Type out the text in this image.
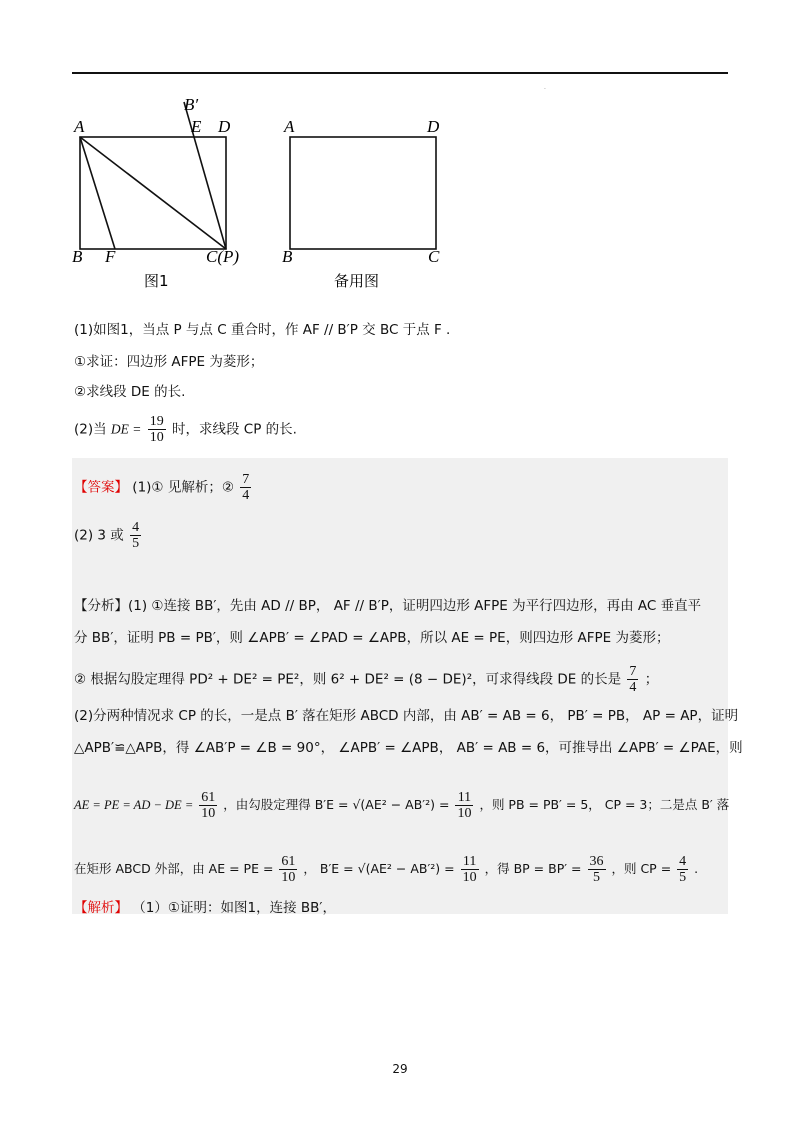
·
A	E D
B′
B F	C(P)
图1
A	D
B	C
备用图
(1)如图1，当点 P 与点 C 重合时，作 AF // B′P 交 BC 于点 F .
①求证：四边形 AFPE 为菱形；
②求线段 DE 的长.
(2)当 DE = $\frac{19}{10}$ 时，求线段 CP 的长.
【答案】 (1)① 见解析；② $\frac{7}{4}$
(2) 3 或 $\frac{4}{5}$
【分析】(1) ①连接 BB′，先由 AD // BP， AF // B′P，证明四边形 AFPE 为平行四边形，再由 AC 垂直平
分 BB′，证明 PB = PB′，则 ∠APB′ = ∠PAD = ∠APB，所以 AE = PE，则四边形 AFPE 为菱形；
② 根据勾股定理得 PD² + DE² = PE²，则 6² + DE² = (8 − DE)²，可求得线段 DE 的长是 $\frac{7}{4}$ ；
(2)分两种情况求 CP 的长，一是点 B′ 落在矩形 ABCD 内部，由 AB′ = AB = 6， PB′ = PB， AP = AP，证明
△APB′≌△APB，得 ∠AB′P = ∠B = 90°， ∠APB′ = ∠APB， AB′ = AB = 6，可推导出 ∠APB′ = ∠PAE，则
AE = PE = AD − DE = $\frac{61}{10}$ ，由勾股定理得 $B'E = √(AE^2 - AB'^2) = \frac{11}{10}$ ，则 PB = PB′ = 5， CP = 3；二是点 B′ 落
在矩形 ABCD 外部，由 AE = PE = $\frac{61}{10}$ ， $B'E = √(AE^2 - AB'^2) = \frac{11}{10}$ ，得 BP = $BP' = \frac{36}{5}$ ，则 CP = $\frac{4}{5}$ .
【解析】 （1）①证明：如图1，连接 BB′，
29
